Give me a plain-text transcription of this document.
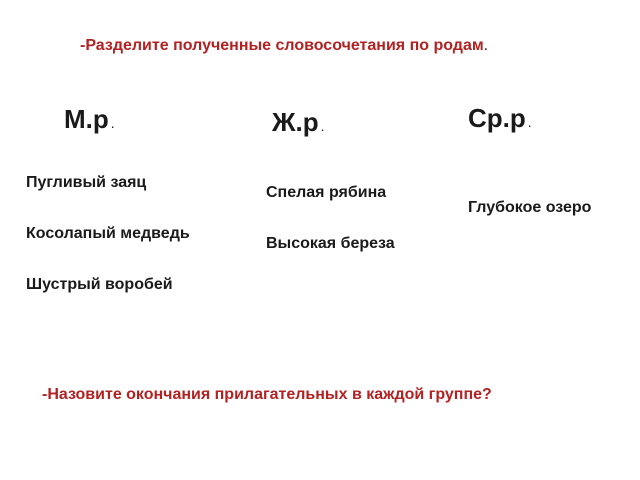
-Разделите полученные словосочетания по родам.
М.р .	Ж.р .	Ср.р .
Пугливый заяц
Косолапый медведь
Шустрый воробей
Спелая рябина
Высокая береза
Глубокое озеро
-Назовите окончания прилагательных в каждой группе?
